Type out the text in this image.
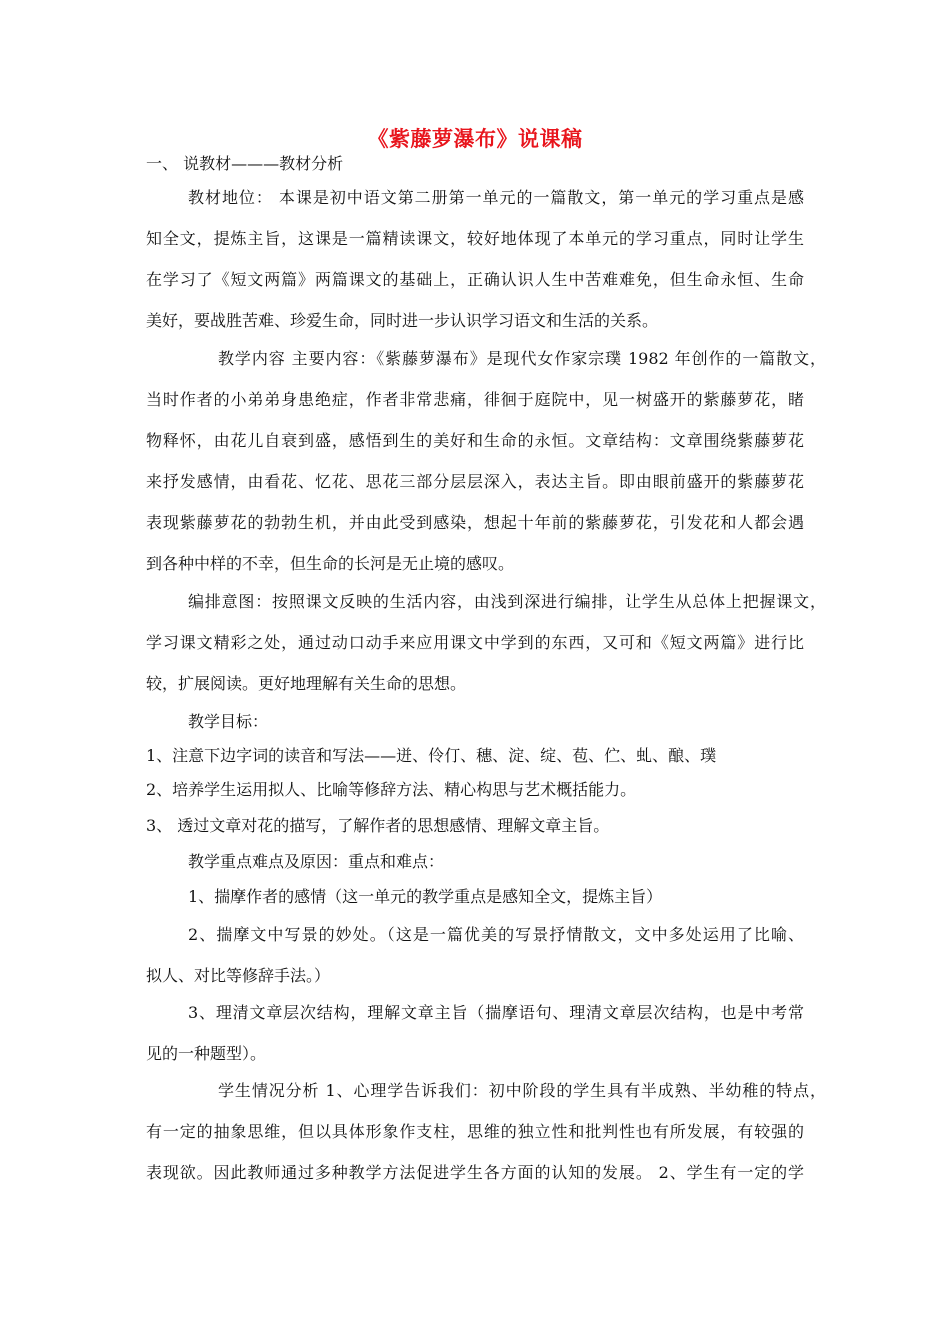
《紫藤萝瀑布》说课稿
一、 说教材———教材分析
教材地位： 本课是初中语文第二册第一单元的一篇散文，第一单元的学习重点是感
知全文，提炼主旨，这课是一篇精读课文，较好地体现了本单元的学习重点，同时让学生
在学习了《短文两篇》两篇课文的基础上，正确认识人生中苦难难免，但生命永恒、生命
美好，要战胜苦难、珍爱生命，同时进一步认识学习语文和生活的关系。
教学内容 主要内容：《紫藤萝瀑布》是现代女作家宗璞 1982 年创作的一篇散文，
当时作者的小弟弟身患绝症，作者非常悲痛，徘徊于庭院中，见一树盛开的紫藤萝花，睹
物释怀，由花儿自衰到盛，感悟到生的美好和生命的永恒。文章结构：文章围绕紫藤萝花
来抒发感情，由看花、忆花、思花三部分层层深入，表达主旨。即由眼前盛开的紫藤萝花
表现紫藤萝花的勃勃生机，并由此受到感染，想起十年前的紫藤萝花，引发花和人都会遇
到各种中样的不幸，但生命的长河是无止境的感叹。
编排意图：按照课文反映的生活内容，由浅到深进行编排，让学生从总体上把握课文，
学习课文精彩之处，通过动口动手来应用课文中学到的东西，又可和《短文两篇》进行比
较，扩展阅读。更好地理解有关生命的思想。
教学目标：
1、注意下边字词的读音和写法——迸、伶仃、穗、淀、绽、苞、伫、虬、酿、璞
2、培养学生运用拟人、比喻等修辞方法、精心构思与艺术概括能力。
3、 透过文章对花的描写，了解作者的思想感情、理解文章主旨。
教学重点难点及原因：重点和难点：
1、揣摩作者的感情（这一单元的教学重点是感知全文，提炼主旨）
2、揣摩文中写景的妙处。（这是一篇优美的写景抒情散文，文中多处运用了比喻、
拟人、对比等修辞手法。）
3、理清文章层次结构，理解文章主旨（揣摩语句、理清文章层次结构，也是中考常
见的一种题型）。
学生情况分析 1、心理学告诉我们：初中阶段的学生具有半成熟、半幼稚的特点，
有一定的抽象思维，但以具体形象作支柱，思维的独立性和批判性也有所发展，有较强的
表现欲。因此教师通过多种教学方法促进学生各方面的认知的发展。 2、学生有一定的学
